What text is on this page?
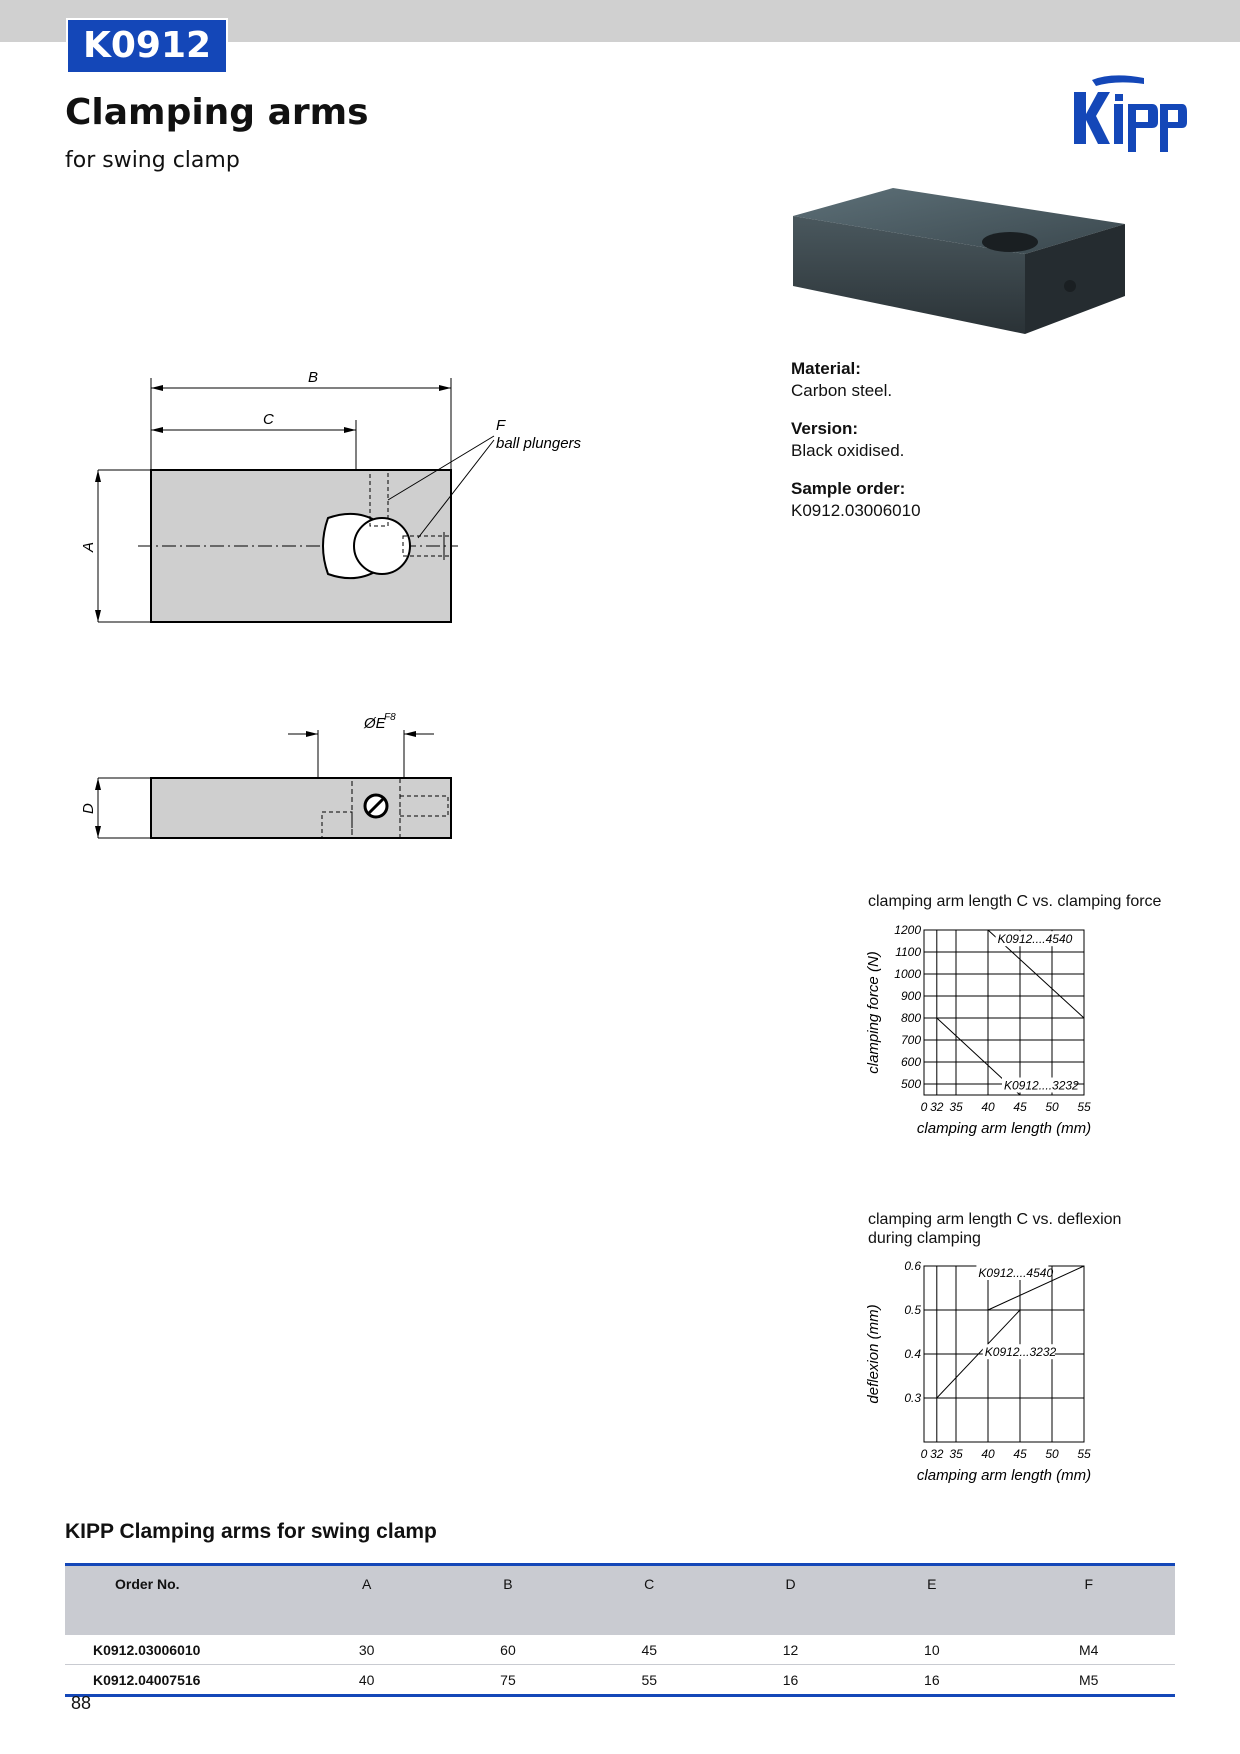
K0912
Clamping arms
for swing clamp
B
C	F
ball plungers
A
ØE
F8
D
Material:
Carbon steel.
Version:
Black oxidised.
Sample order:
K0912.03006010
clamping arm length C vs. clamping force
500
600
700
800
900
1000
1100
1200
0 32 35 40 45 50 55
K0912....4540
K0912....3232
clamping arm length (mm)
clamping force (N)
clamping arm length C vs. deflexion during clamping
0.3
0.4
0.5
0.6
0 32 35 40 45 50 55
K0912....4540
K0912...3232
clamping arm length (mm)
deflexion (mm)
KIPP Clamping arms for swing clamp
Order No.	A	B	C	D	E	F
K0912.03006010	30	60	45	12	10	M4
K0912.04007516	40	75	55	16	16	M5
88
